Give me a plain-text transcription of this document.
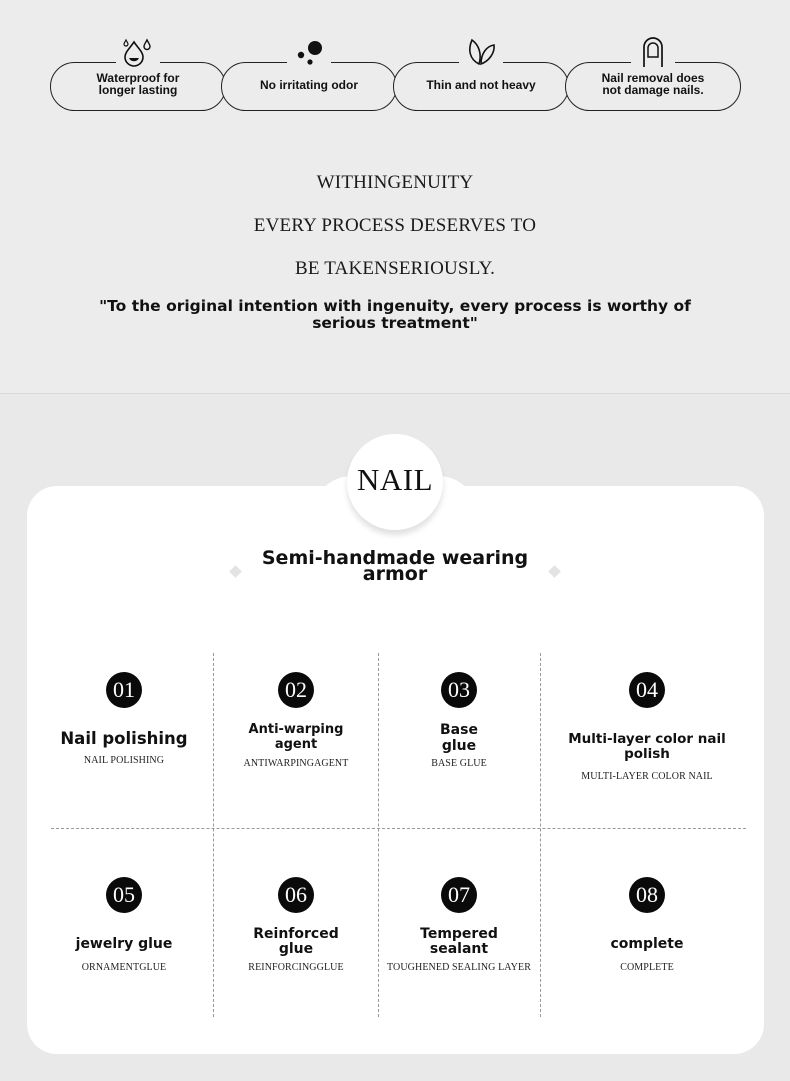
Waterproof for
longer lasting	No irritating odor	Thin and not heavy	Nail removal does
not damage nails.
WITHINGENUITY
EVERY PROCESS DESERVES TO
BE TAKENSERIOUSLY.
"To the original intention with ingenuity, every process is worthy of serious treatment"
NAIL
Semi-handmade wearing armor
01
Nail polishing
NAIL POLISHING
02
Anti-warping
agent
ANTIWARPINGAGENT
03
Base
glue
BASE GLUE
04
Multi-layer color nail polish
MULTI-LAYER COLOR NAIL
05
jewelry glue
ORNAMENTGLUE
06
Reinforced
glue
REINFORCINGGLUE
07
Tempered
sealant
TOUGHENED SEALING LAYER
08
complete
COMPLETE
